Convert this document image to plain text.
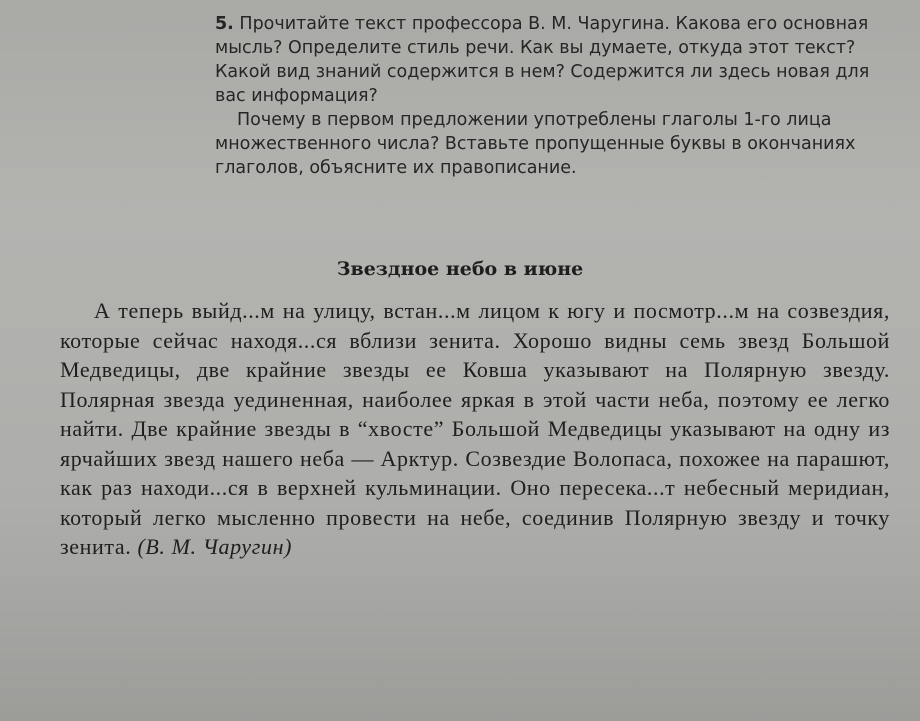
5. Прочитайте текст профессора В. М. Чаругина. Какова его основная мысль? Определите стиль речи. Как вы думаете, откуда этот текст? Какой вид знаний содержится в нем? Содержится ли здесь новая для вас информация?

Почему в первом предложении употреблены глаголы 1-го лица множественного числа? Вставьте пропущенные буквы в окончаниях глаголов, объясните их правописание.

Звездное небо в июне

А теперь выйд...м на улицу, встан...м лицом к югу и посмотр...м на созвездия, которые сейчас находя...ся вблизи зенита. Хорошо видны семь звезд Большой Медведицы, две крайние звезды ее Ковша указывают на Полярную звезду. Полярная звезда уединенная, наиболее яркая в этой части неба, поэтому ее легко найти. Две крайние звезды в “хвосте” Большой Медведицы указывают на одну из ярчайших звезд нашего неба — Арктур. Созвездие Волопаса, похожее на парашют, как раз находи...ся в верхней кульминации. Оно пересека...т небесный меридиан, который легко мысленно провести на небе, соединив Полярную звезду и точку зенита. (В. М. Чаругин)
